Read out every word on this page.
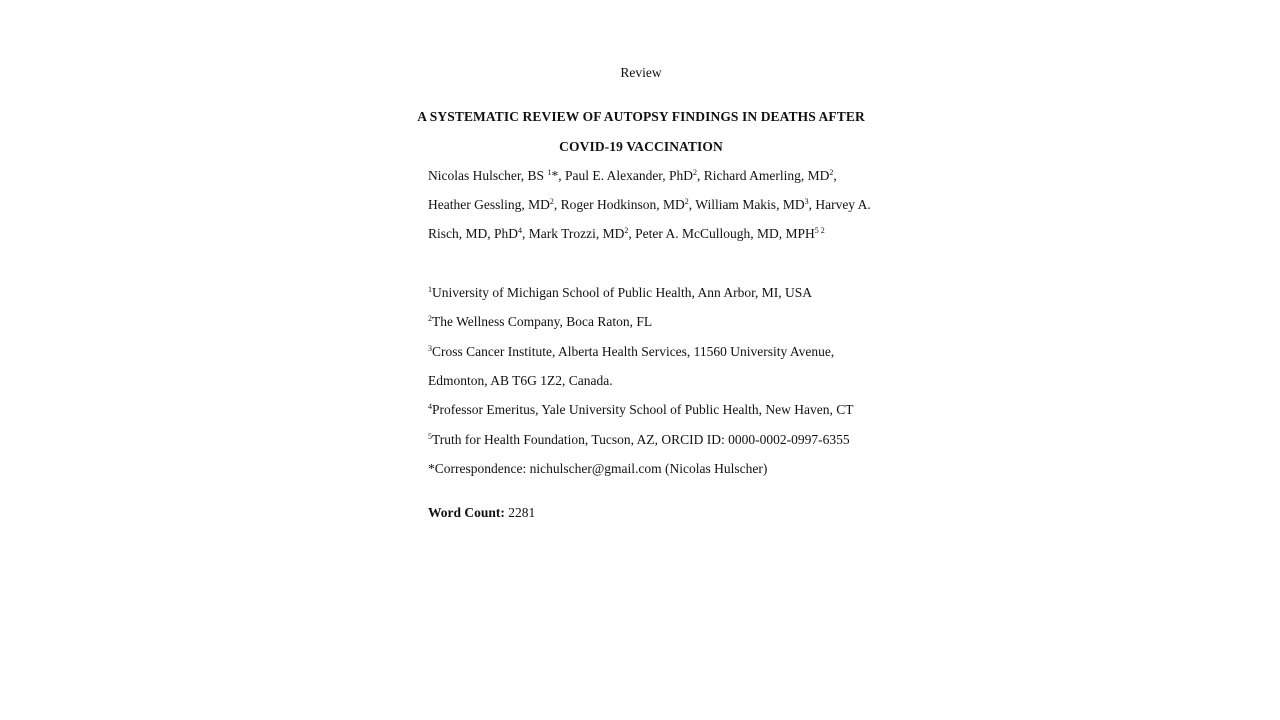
Review
A SYSTEMATIC REVIEW OF AUTOPSY FINDINGS IN DEATHS AFTER
COVID-19 VACCINATION
Nicolas Hulscher, BS $^1$*, Paul E. Alexander, PhD$^2$, Richard Amerling, $MD^2$,
Heather Gessling, $MD^2$, Roger Hodkinson, $MD^2$, William Makis, $MD^3$, Harvey A.
Risch, MD, PhD$^4$, Mark Trozzi, $MD^2$, Peter A. McCullough, MD, $MPH^{5 2}$
$^1$University of Michigan School of Public Health, Ann Arbor, MI, USA
$^2$The Wellness Company, Boca Raton, FL
$^3$Cross Cancer Institute, Alberta Health Services, 11560 University Avenue,
Edmonton, AB T6G 1Z2, Canada.
$^4$Professor Emeritus, Yale University School of Public Health, New Haven, CT
$^5$Truth for Health Foundation, Tucson, AZ, ORCID ID: 0000-0002-0997-6355
*Correspondence: nichulscher@gmail.com (Nicolas Hulscher)
Word Count: 2281
